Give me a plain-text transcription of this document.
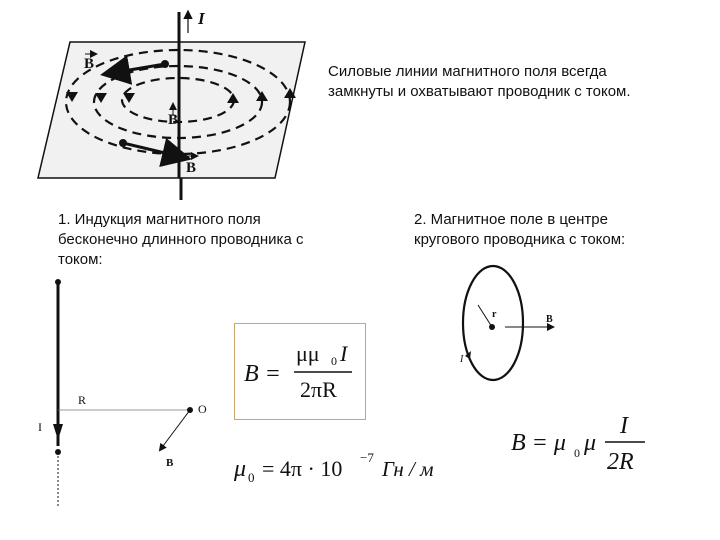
I
B
B
B
I
R
O
B
r	B
I
Силовые линии магнитного поля всегда
замкнуты и охватывают проводник с током.
1. Индукция магнитного поля
бесконечно длинного проводника с
током:
2. Магнитное поле в центре
кругового проводника с током:
B =
μμ 0 I
2πR
μ 0 = 4π · 10 −7 Гн / м
B = μ 0 μ
I
2R
